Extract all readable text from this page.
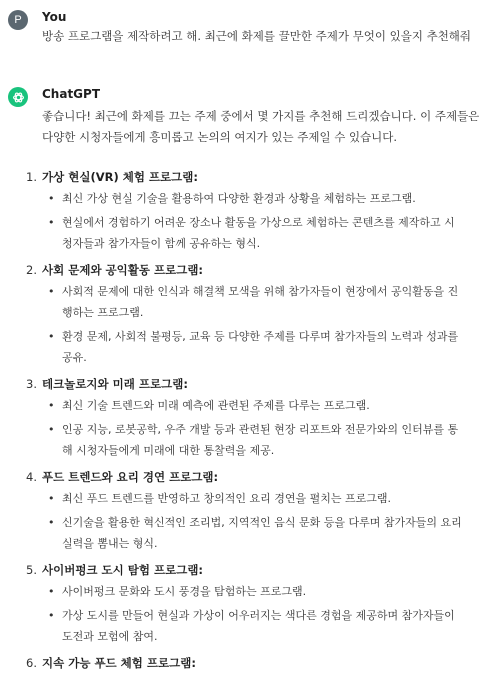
P You
방송 프로그램을 제작하려고 해. 최근에 화제를 끌만한 주제가 무엇이 있을지 추천해줘
ChatGPT
좋습니다! 최근에 화제를 끄는 주제 중에서 몇 가지를 추천해 드리겠습니다. 이 주제들은
다양한 시청자들에게 흥미롭고 논의의 여지가 있는 주제일 수 있습니다.
1. 가상 현실(VR) 체험 프로그램:
• 최신 가상 현실 기술을 활용하여 다양한 환경과 상황을 체험하는 프로그램.
• 현실에서 경험하기 어려운 장소나 활동을 가상으로 체험하는 콘텐츠를 제작하고 시
청자들과 참가자들이 함께 공유하는 형식.
2. 사회 문제와 공익활동 프로그램:
• 사회적 문제에 대한 인식과 해결책 모색을 위해 참가자들이 현장에서 공익활동을 진
행하는 프로그램.
• 환경 문제, 사회적 불평등, 교육 등 다양한 주제를 다루며 참가자들의 노력과 성과를
공유.
3. 테크놀로지와 미래 프로그램:
• 최신 기술 트렌드와 미래 예측에 관련된 주제를 다루는 프로그램.
• 인공 지능, 로봇공학, 우주 개발 등과 관련된 현장 리포트와 전문가와의 인터뷰를 통
해 시청자들에게 미래에 대한 통찰력을 제공.
4. 푸드 트렌드와 요리 경연 프로그램:
• 최신 푸드 트렌드를 반영하고 창의적인 요리 경연을 펼치는 프로그램.
• 신기술을 활용한 혁신적인 조리법, 지역적인 음식 문화 등을 다루며 참가자들의 요리
실력을 뽐내는 형식.
5. 사이버펑크 도시 탐험 프로그램:
• 사이버펑크 문화와 도시 풍경을 탐험하는 프로그램.
• 가상 도시를 만들어 현실과 가상이 어우러지는 색다른 경험을 제공하며 참가자들이
도전과 모험에 참여.
6. 지속 가능 푸드 체험 프로그램:
